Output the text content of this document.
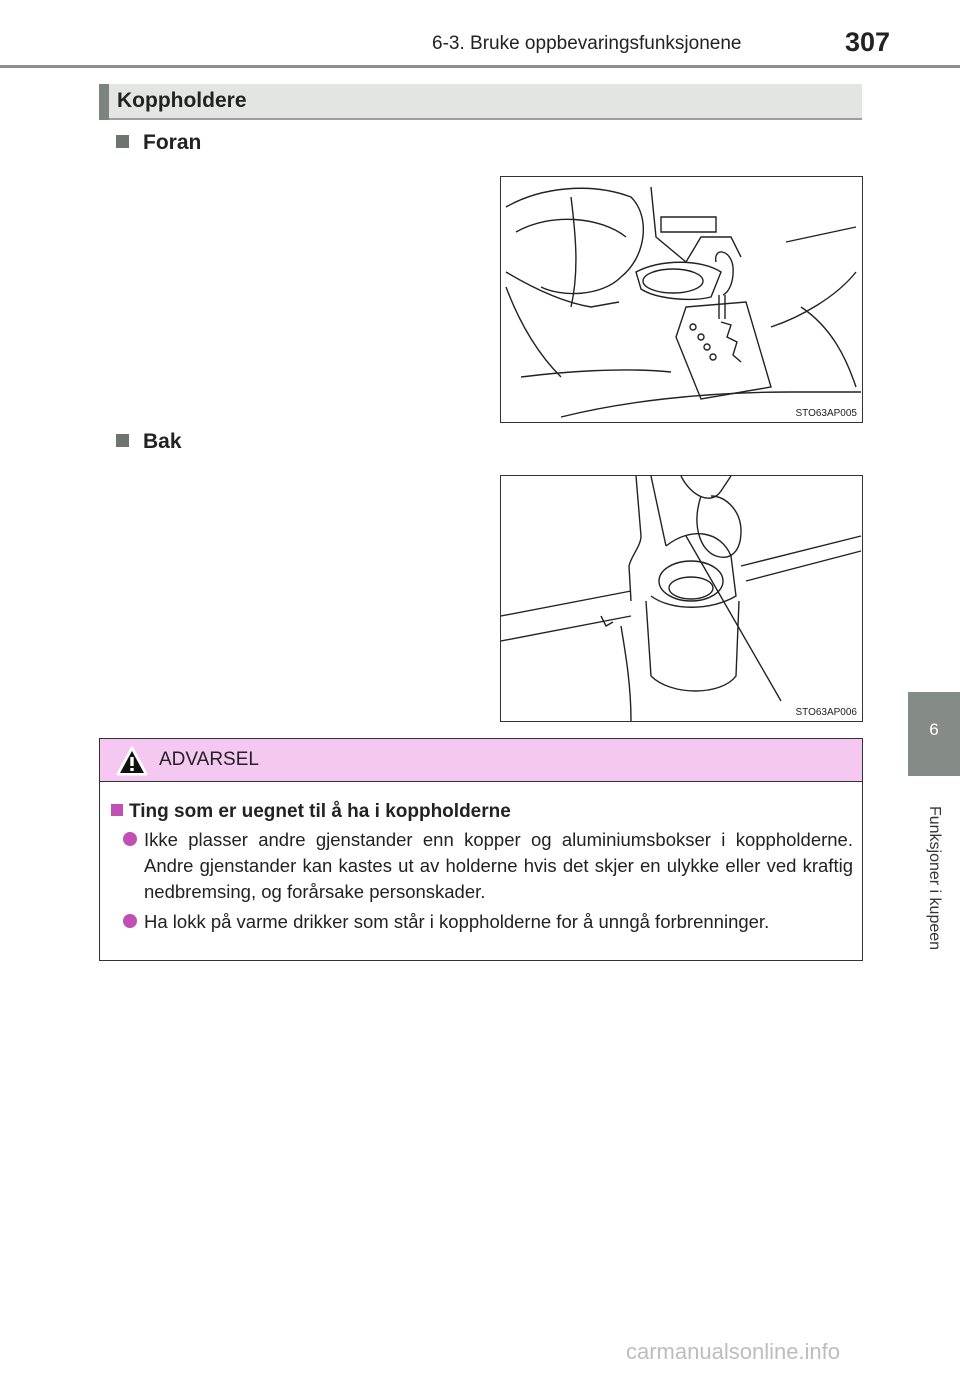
6-3. Bruke oppbevaringsfunksjonene	307
Koppholdere
Foran
STO63AP005
Bak
STO63AP006
ADVARSEL
Ting som er uegnet til å ha i koppholderne
Ikke plasser andre gjenstander enn kopper og aluminiumsbokser i koppholderne. Andre gjenstander kan kastes ut av holderne hvis det skjer en ulykke eller ved kraftig nedbremsing, og forårsake personskader.
Ha lokk på varme drikker som står i koppholderne for å unngå forbrenninger.
6
Funksjoner i kupeen
carmanualsonline.info
